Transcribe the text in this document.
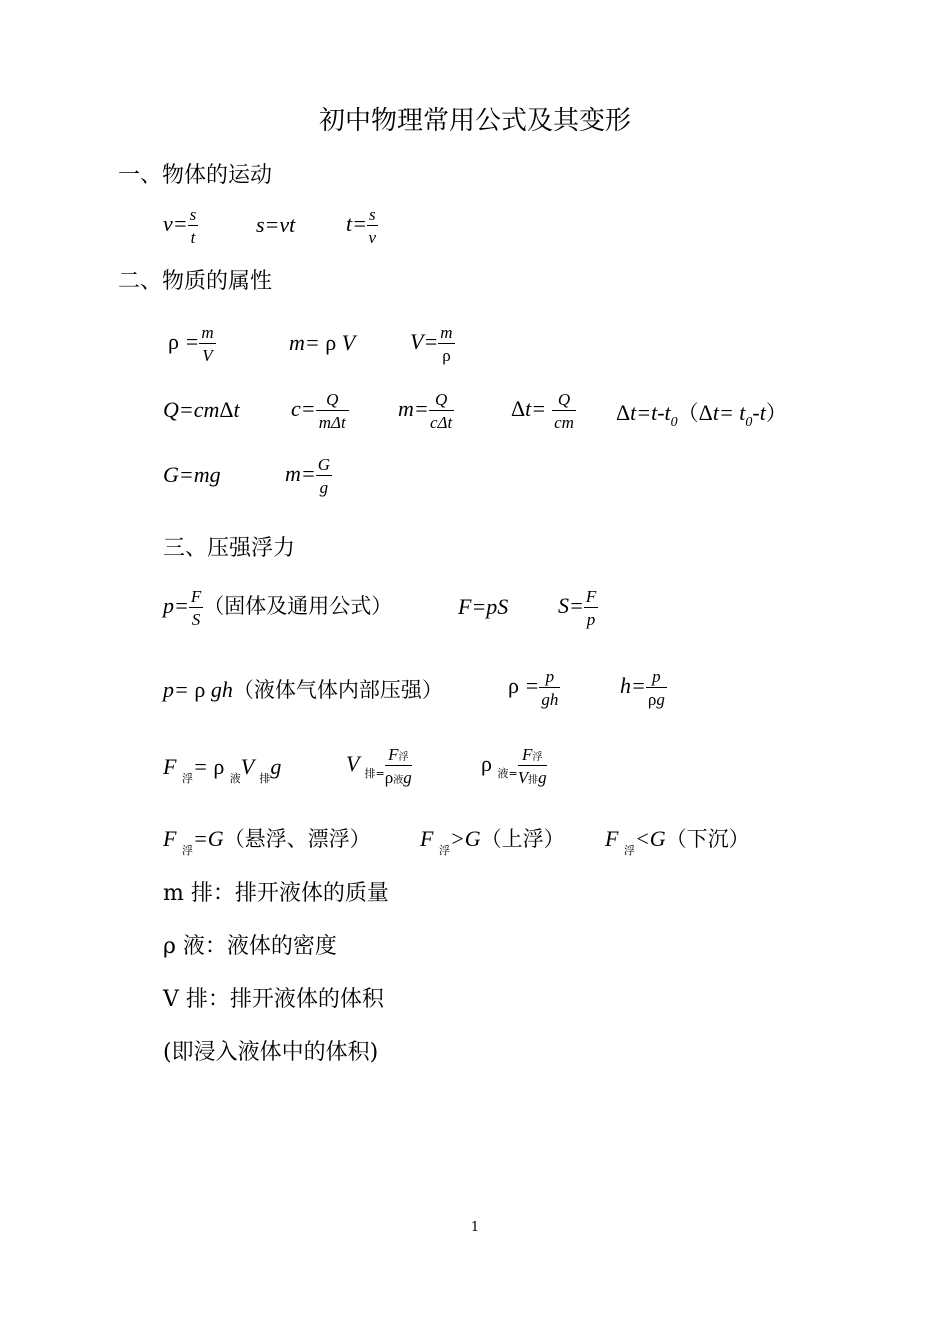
初中物理常用公式及其变形
一、物体的运动
$v= \frac{s}{t}$	s=vt $t= \frac{s}{v}$
二、物质的属性
$\rho = \frac{m}{V}$	m= ρ V $V= \frac{m}{\rho}$
Q=cmΔt $c= \frac{Q}{\text{mΔt}} m= \frac{Q}{\text{cΔt}}$	$\Delta t= \frac{Q}{cm} \Delta t=t-t_0(\Delta t= t_0-t)$
G=mg	$m= \frac{G}{g}$
三、压强浮力
$p= \frac{F}{S}$ （固体及通用公式）	F=pS $S= \frac{F}{p}$
p= ρ gh（液体气体内部压强）	$\rho = \frac{p}{gh}$	$h= \frac{p}{\rho g}$
F $_浮$= ρ $_液$V $_排$g	V $_{排=} \frac{\text{F浮}}{\text{ρ液g}}$	ρ $_{液=} \frac{\text{F浮}}{\text{V排g}}$
F $_浮$=G（悬浮、漂浮） F $_浮$>G（上浮） F $_浮$<G（下沉）
m 排：排开液体的质量
ρ 液：液体的密度
V 排：排开液体的体积
(即浸入液体中的体积)
1
